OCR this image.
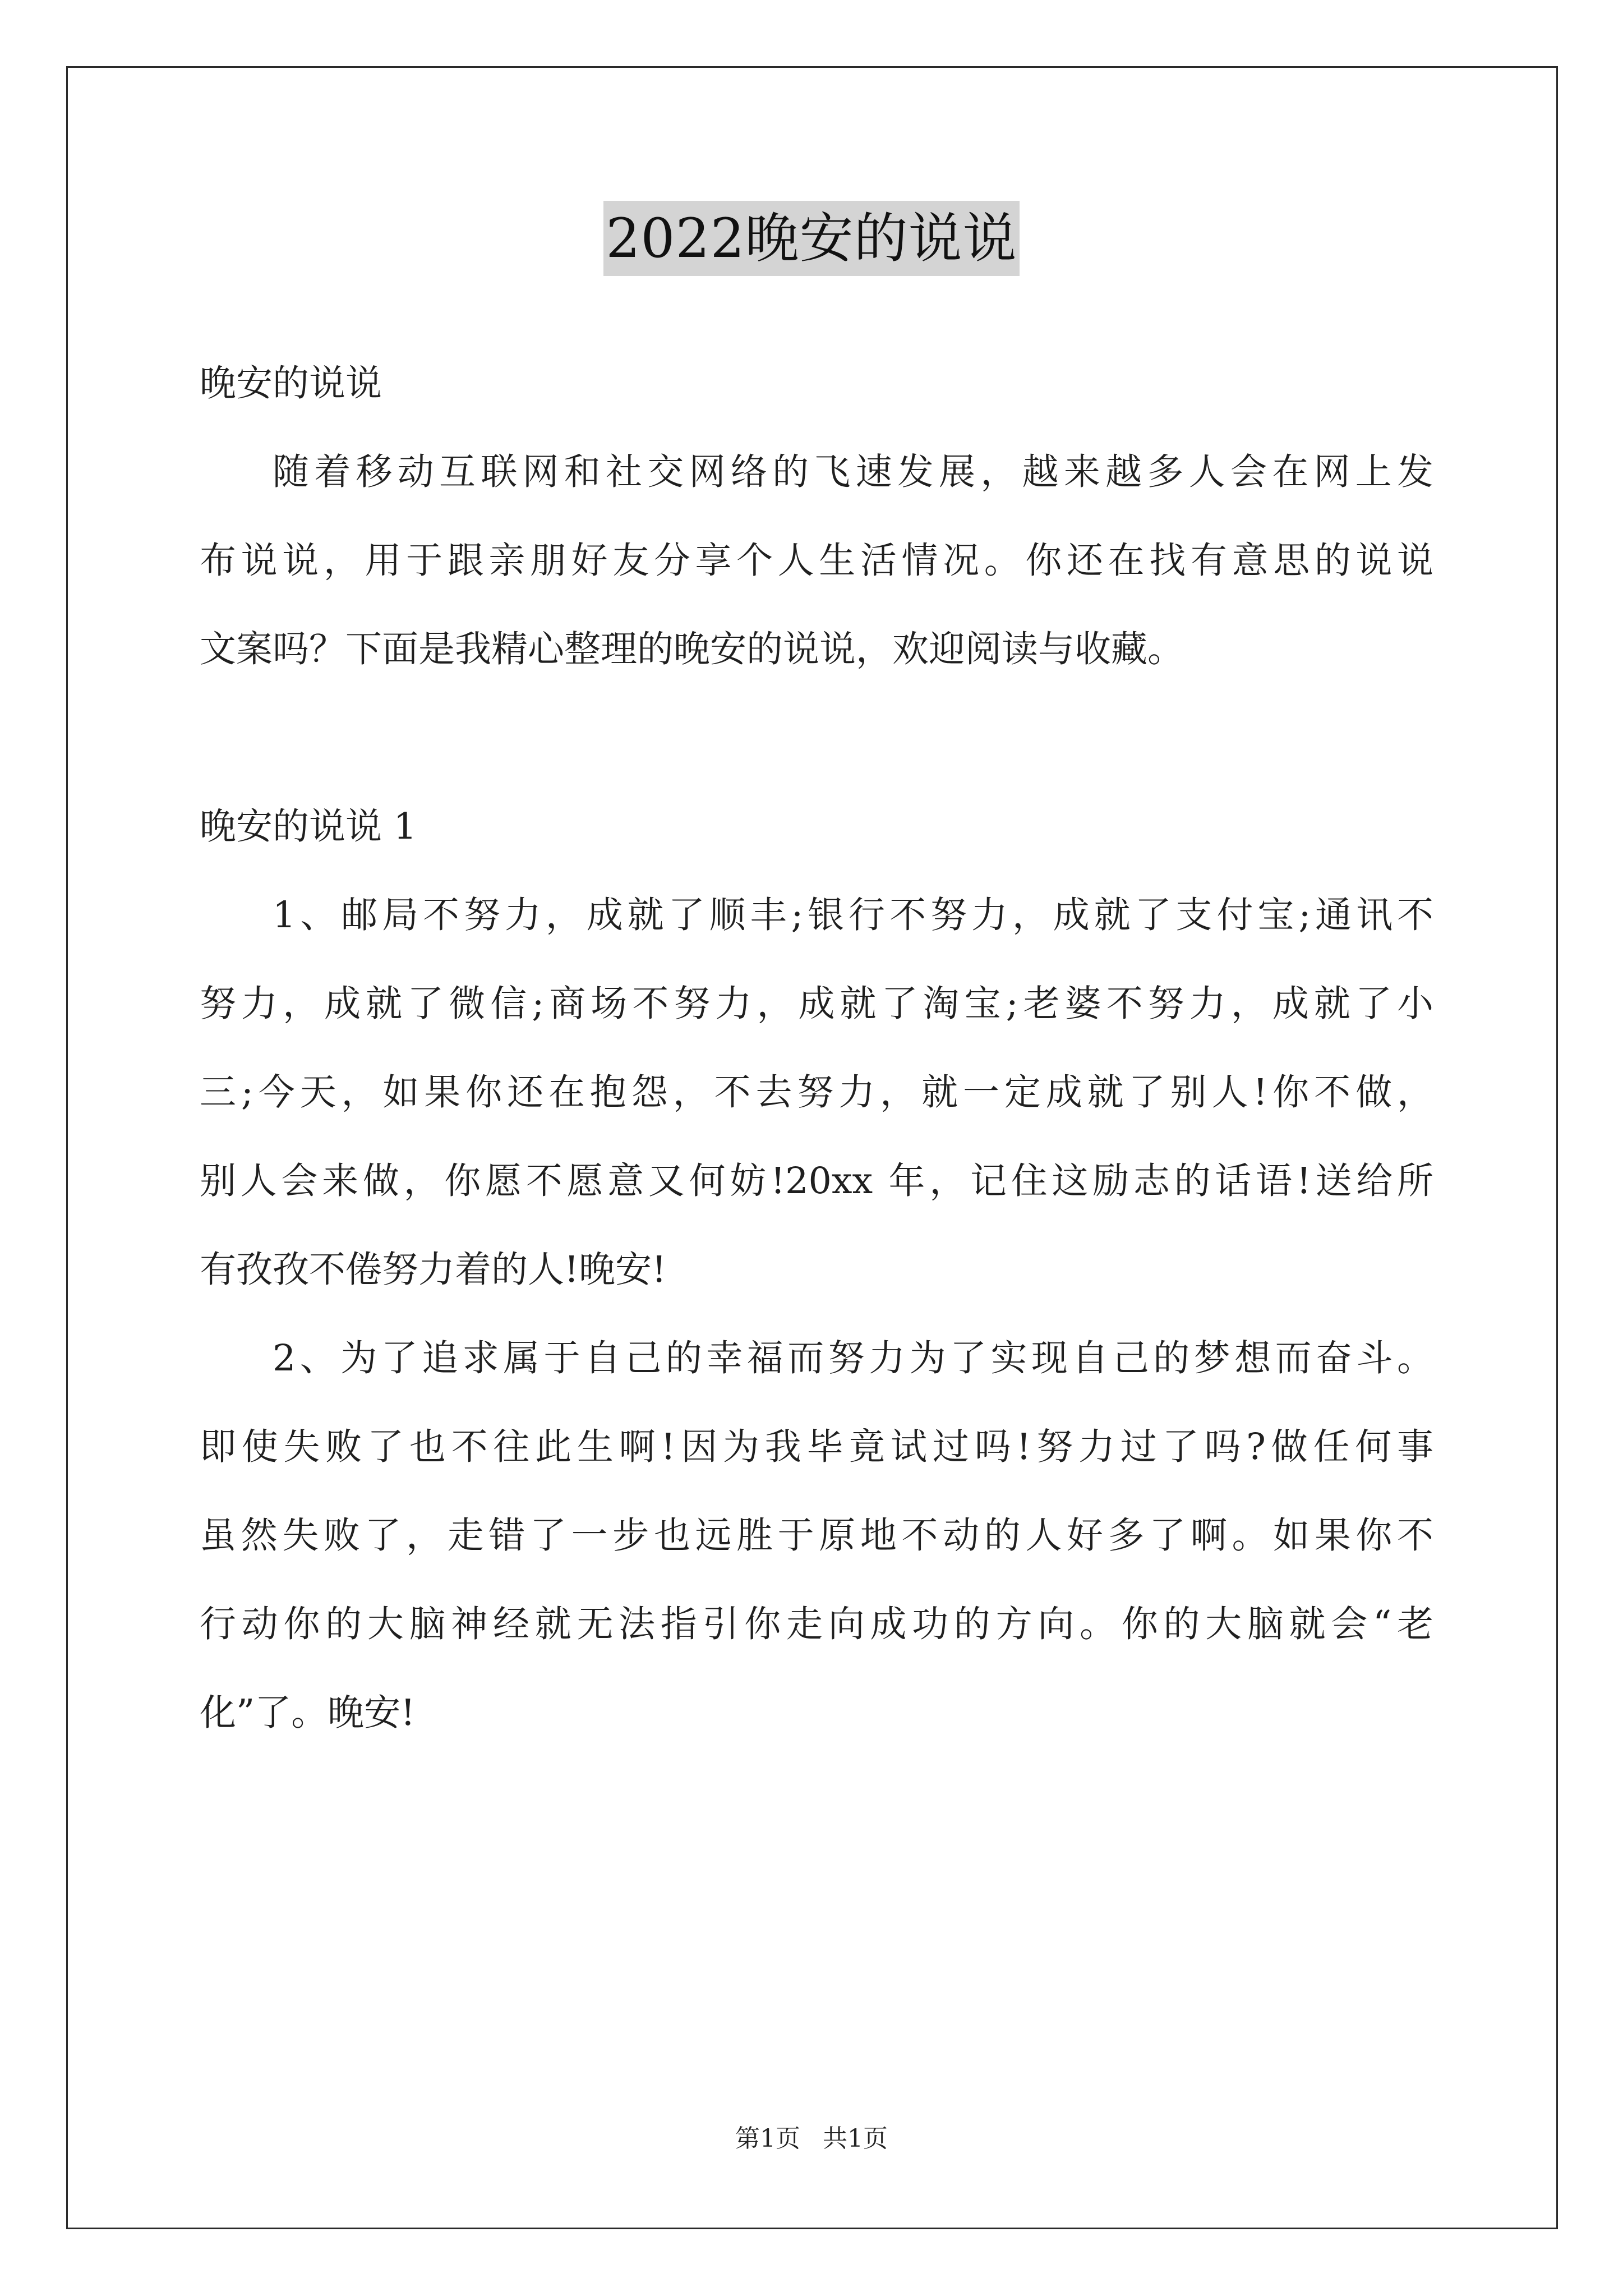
2022晚安的说说
晚安的说说
随着移动互联网和社交网络的飞速发展，越来越多人会在网上发
布说说，用于跟亲朋好友分享个人生活情况。你还在找有意思的说说
文案吗？下面是我精心整理的晚安的说说，欢迎阅读与收藏。
晚安的说说 1
1、邮局不努力，成就了顺丰;银行不努力，成就了支付宝;通讯不
努力，成就了微信;商场不努力，成就了淘宝;老婆不努力，成就了小
三;今天，如果你还在抱怨，不去努力，就一定成就了别人!你不做，
别人会来做，你愿不愿意又何妨!20xx 年，记住这励志的话语!送给所
有孜孜不倦努力着的人!晚安!
2、为了追求属于自己的幸福而努力为了实现自己的梦想而奋斗。
即使失败了也不往此生啊!因为我毕竟试过吗!努力过了吗?做任何事
虽然失败了，走错了一步也远胜于原地不动的人好多了啊。如果你不
行动你的大脑神经就无法指引你走向成功的方向。你的大脑就会“老
化”了。晚安!
第1页 共1页
